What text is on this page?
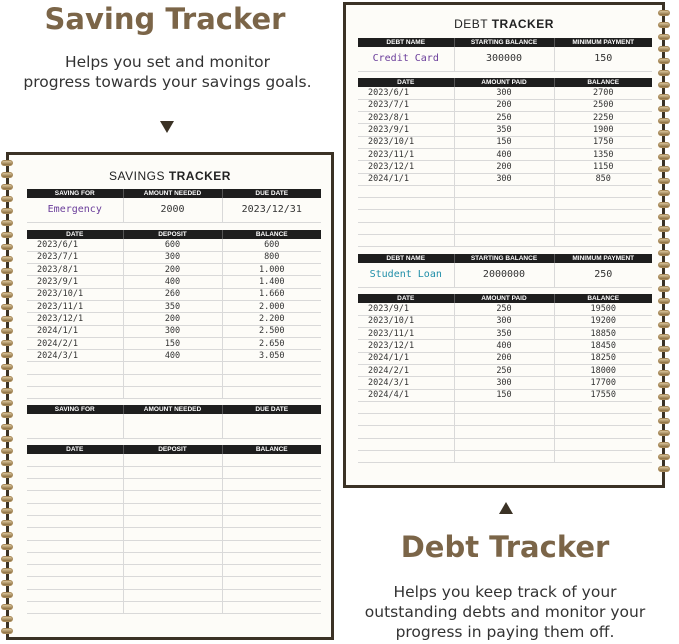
Saving Tracker
Helps you set and monitor
progress towards your savings goals.
Debt Tracker
Helps you keep track of your
outstanding debts and monitor your
progress in paying them off.
SAVINGS TRACKER
SAVING FOR	AMOUNT NEEDED	DUE DATE
Emergency	2000	2023/12/31
DATE	DEPOSIT	BALANCE
2023/6/1	600	600
2023/7/1	300	800
2023/8/1	200	1.000
2023/9/1	400	1.400
2023/10/1	260	1.660
2023/11/1	350	2.000
2023/12/1	200	2.200
2024/1/1	300	2.500
2024/2/1	150	2.650
2024/3/1	400	3.050

SAVING FOR	AMOUNT NEEDED	DUE DATE

DATE	DEPOSIT	BALANCE

DEBT TRACKER
DEBT NAME	STARTING BALANCE	MINIMUM PAYMENT
Credit Card	300000	150
DATE	AMOUNT PAID	BALANCE
2023/6/1	300	2700
2023/7/1	200	2500
2023/8/1	250	2250
2023/9/1	350	1900
2023/10/1	150	1750
2023/11/1	400	1350
2023/12/1	200	1150
2024/1/1	300	850

DEBT NAME	STARTING BALANCE	MINIMUM PAYMENT
Student Loan	2000000	250
DATE	AMOUNT PAID	BALANCE
2023/9/1	250	19500
2023/10/1	300	19200
2023/11/1	350	18850
2023/12/1	400	18450
2024/1/1	200	18250
2024/2/1	250	18000
2024/3/1	300	17700
2024/4/1	150	17550
